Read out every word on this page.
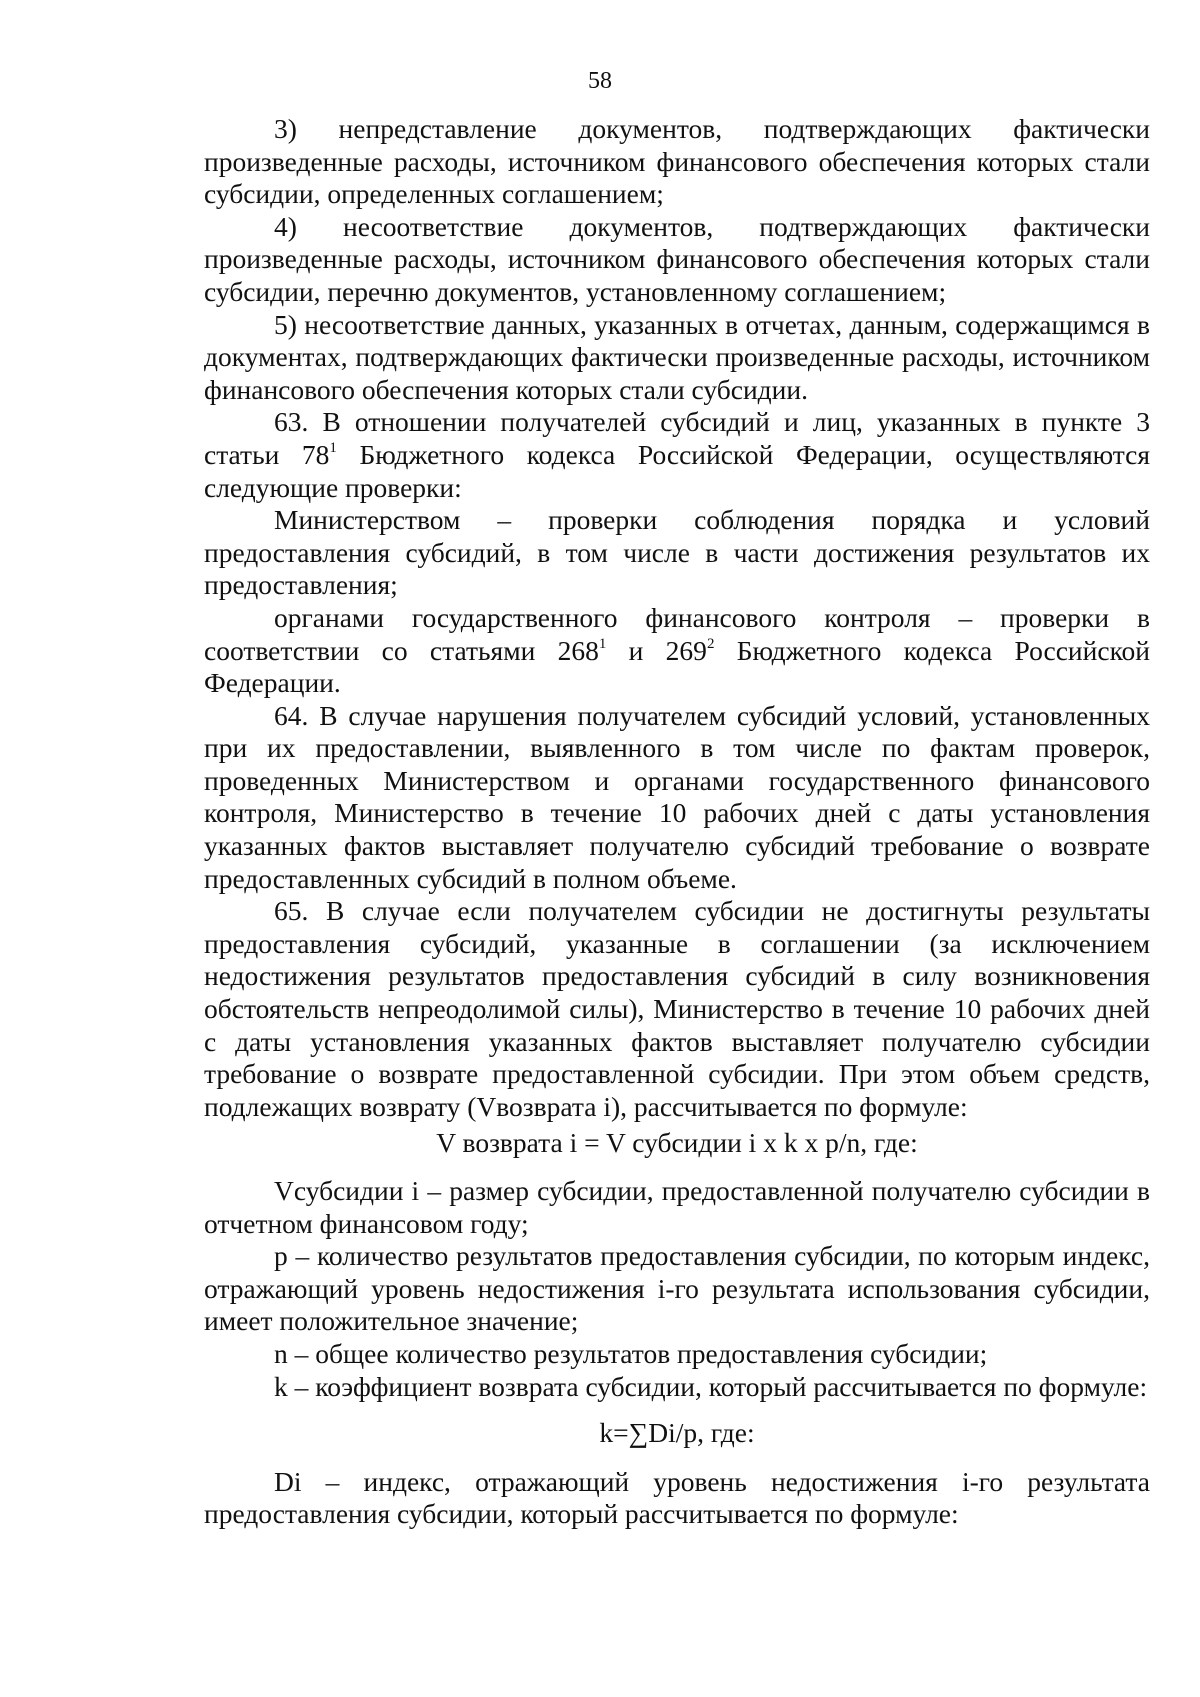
58

3) непредставление документов, подтверждающих фактически произведенные расходы, источником финансового обеспечения которых стали субсидии, определенных соглашением;

4) несоответствие документов, подтверждающих фактически произведенные расходы, источником финансового обеспечения которых стали субсидии, перечню документов, установленному соглашением;

5) несоответствие данных, указанных в отчетах, данным, содержащимся в документах, подтверждающих фактически произведенные расходы, источником финансового обеспечения которых стали субсидии.

63. В отношении получателей субсидий и лиц, указанных в пункте 3 статьи $78^1$ Бюджетного кодекса Российской Федерации, осуществляются следующие проверки:

Министерством – проверки соблюдения порядка и условий предоставления субсидий, в том числе в части достижения результатов их предоставления;

органами государственного финансового контроля – проверки в соответствии со статьями $268^1$ и $269^2$ Бюджетного кодекса Российской Федерации.

64. В случае нарушения получателем субсидий условий, установленных при их предоставлении, выявленного в том числе по фактам проверок, проведенных Министерством и органами государственного финансового контроля, Министерство в течение 10 рабочих дней с даты установления указанных фактов выставляет получателю субсидий требование о возврате предоставленных субсидий в полном объеме.

65. В случае если получателем субсидии не достигнуты результаты предоставления субсидий, указанные в соглашении (за исключением недостижения результатов предоставления субсидий в силу возникновения обстоятельств непреодолимой силы), Министерство в течение 10 рабочих дней с даты установления указанных фактов выставляет получателю субсидии требование о возврате предоставленной субсидии. При этом объем средств, подлежащих возврату (Vвозврата i), рассчитывается по формуле:

V возврата i = V субсидии i x k x p/n, где:

Vсубсидии i – размер субсидии, предоставленной получателю субсидии в отчетном финансовом году;

p – количество результатов предоставления субсидии, по которым индекс, отражающий уровень недостижения i-го результата использования субсидии, имеет положительное значение;

n – общее количество результатов предоставления субсидии;

k – коэффициент возврата субсидии, который рассчитывается по формуле:

k=∑Di/p, где:

Di – индекс, отражающий уровень недостижения i-го результата предоставления субсидии, который рассчитывается по формуле:
